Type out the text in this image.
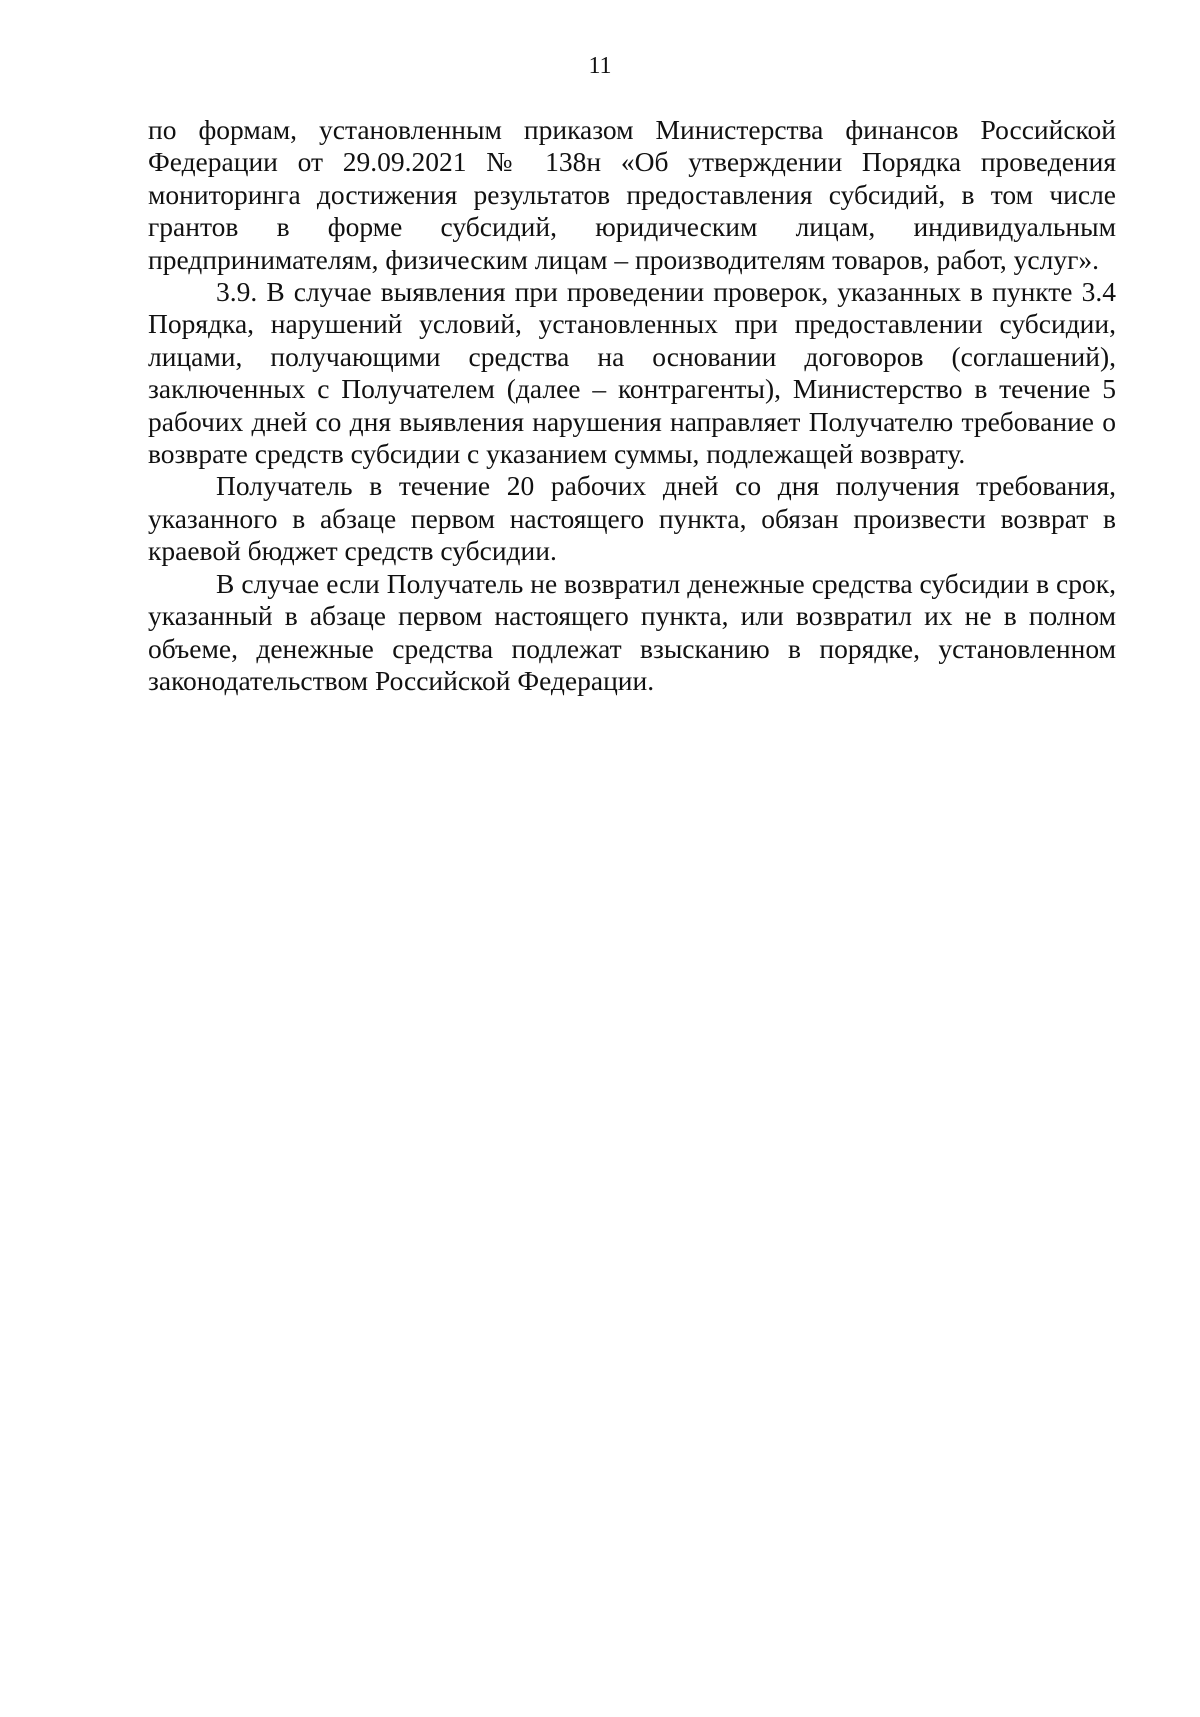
11

по формам, установленным приказом Министерства финансов Российской Федерации от 29.09.2021 № 138н «Об утверждении Порядка проведения мониторинга достижения результатов предоставления субсидий, в том числе грантов в форме субсидий, юридическим лицам, индивидуальным предпринимателям, физическим лицам – производителям товаров, работ, услуг».

3.9. В случае выявления при проведении проверок, указанных в пункте 3.4 Порядка, нарушений условий, установленных при предоставлении субсидии, лицами, получающими средства на основании договоров (соглашений), заключенных с Получателем (далее – контрагенты), Министерство в течение 5 рабочих дней со дня выявления нарушения направляет Получателю требование о возврате средств субсидии с указанием суммы, подлежащей возврату.

Получатель в течение 20 рабочих дней со дня получения требования, указанного в абзаце первом настоящего пункта, обязан произвести возврат в краевой бюджет средств субсидии.

В случае если Получатель не возвратил денежные средства субсидии в срок, указанный в абзаце первом настоящего пункта, или возвратил их не в полном объеме, денежные средства подлежат взысканию в порядке, установленном законодательством Российской Федерации.
